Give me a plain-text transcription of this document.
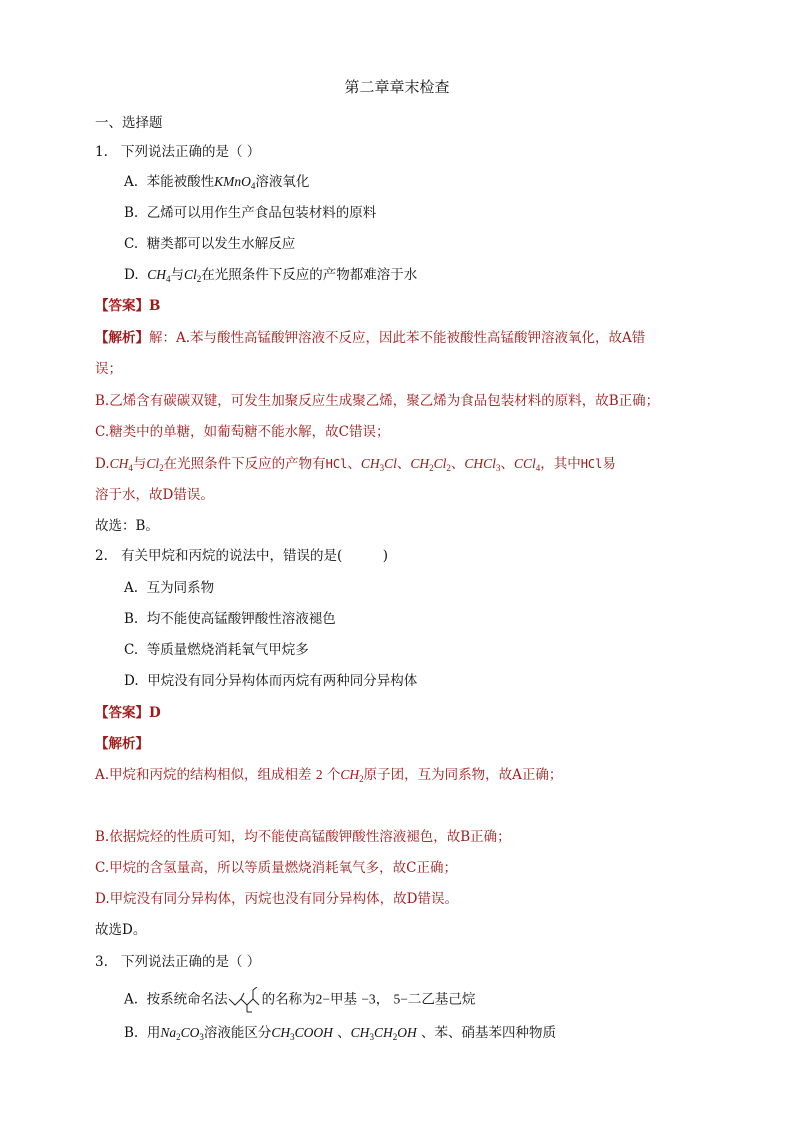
第二章章末检查
一、选择题
1. 下列说法正确的是（ ）
A. 苯能被酸性KMnO$_4$溶液氧化
B. 乙烯可以用作生产食品包装材料的原料
C. 糖类都可以发生水解反应
D. $CH_4$与$Cl_2$在光照条件下反应的产物都难溶于水
【答案】B
【解析】解：A.苯与酸性高锰酸钾溶液不反应，因此苯不能被酸性高锰酸钾溶液氧化，故A错
误；
B.乙烯含有碳碳双键，可发生加聚反应生成聚乙烯，聚乙烯为食品包装材料的原料，故B正确；
C.糖类中的单糖，如葡萄糖不能水解，故C错误；
$D.CH_4$与$Cl_2$在光照条件下反应的产物有HCl、$CH_3Cl$、$CH_2Cl_2$、CHCl$_3$、CCl$_4$，其中HCl易
溶于水，故D错误。
故选：B。
2. 有关甲烷和丙烷的说法中，错误的是(　　　)
A. 互为同系物
B. 均不能使高锰酸钾酸性溶液褪色
C. 等质量燃烧消耗氧气甲烷多
D. 甲烷没有同分异构体而丙烷有两种同分异构体
【答案】D
【解析】
A.甲烷和丙烷的结构相似，组成相差 2 个$CH_2$原子团，互为同系物，故A正确；
B.依据烷烃的性质可知，均不能使高锰酸钾酸性溶液褪色，故B正确；
C.甲烷的含氢量高，所以等质量燃烧消耗氧气多，故C正确；
D.甲烷没有同分异构体，丙烷也没有同分异构体，故D错误。
故选D。
3. 下列说法正确的是（ ）
A. 按系统命名法	的名称为2−甲基 −3， 5−二乙基己烷
B. 用$Na_2CO_3$溶液能区分$CH_3COOH$ 、$CH_3CH_2OH$ 、苯、硝基苯四种物质
